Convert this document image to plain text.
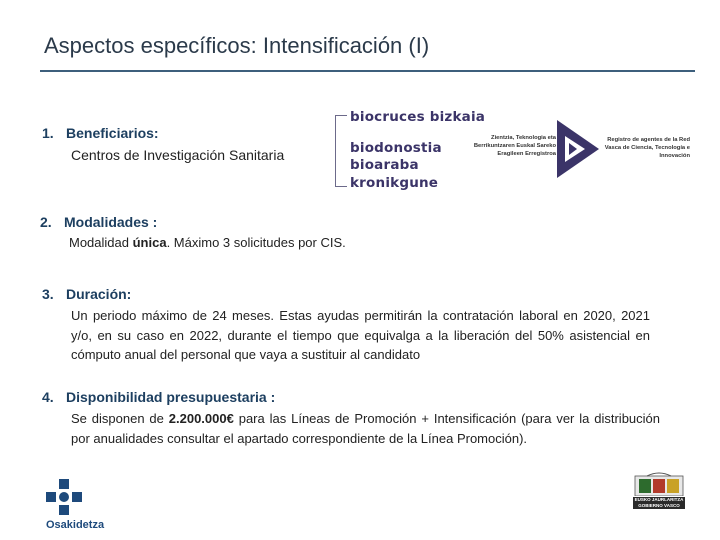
Aspectos específicos: Intensificación (I)
1. Beneficiarios:
Centros de Investigación Sanitaria
biocruces bizkaia
biodonostia
bioaraba
kronikgune
Zientzia, Teknologia eta Berrikuntzaren Euskal Sareko Eragileen Erregistroa
Registro de agentes de la Red Vasca de Ciencia, Tecnología e Innovación
2. Modalidades :
Modalidad única. Máximo 3 solicitudes por CIS.
3. Duración:
Un periodo máximo de 24 meses. Estas ayudas permitirán la contratación laboral en 2020, 2021 y/o, en su caso en 2022, durante el tiempo que equivalga a la liberación del 50% asistencial en cómputo anual del personal que vaya a sustituir al candidato
4. Disponibilidad presupuestaria :
Se disponen de 2.200.000€ para las Líneas de Promoción + Intensificación (para ver la distribución por anualidades consultar el apartado correspondiente de la Línea Promoción).
Osakidetza
EUSKO JAURLARITZA
GOBIERNO VASCO
